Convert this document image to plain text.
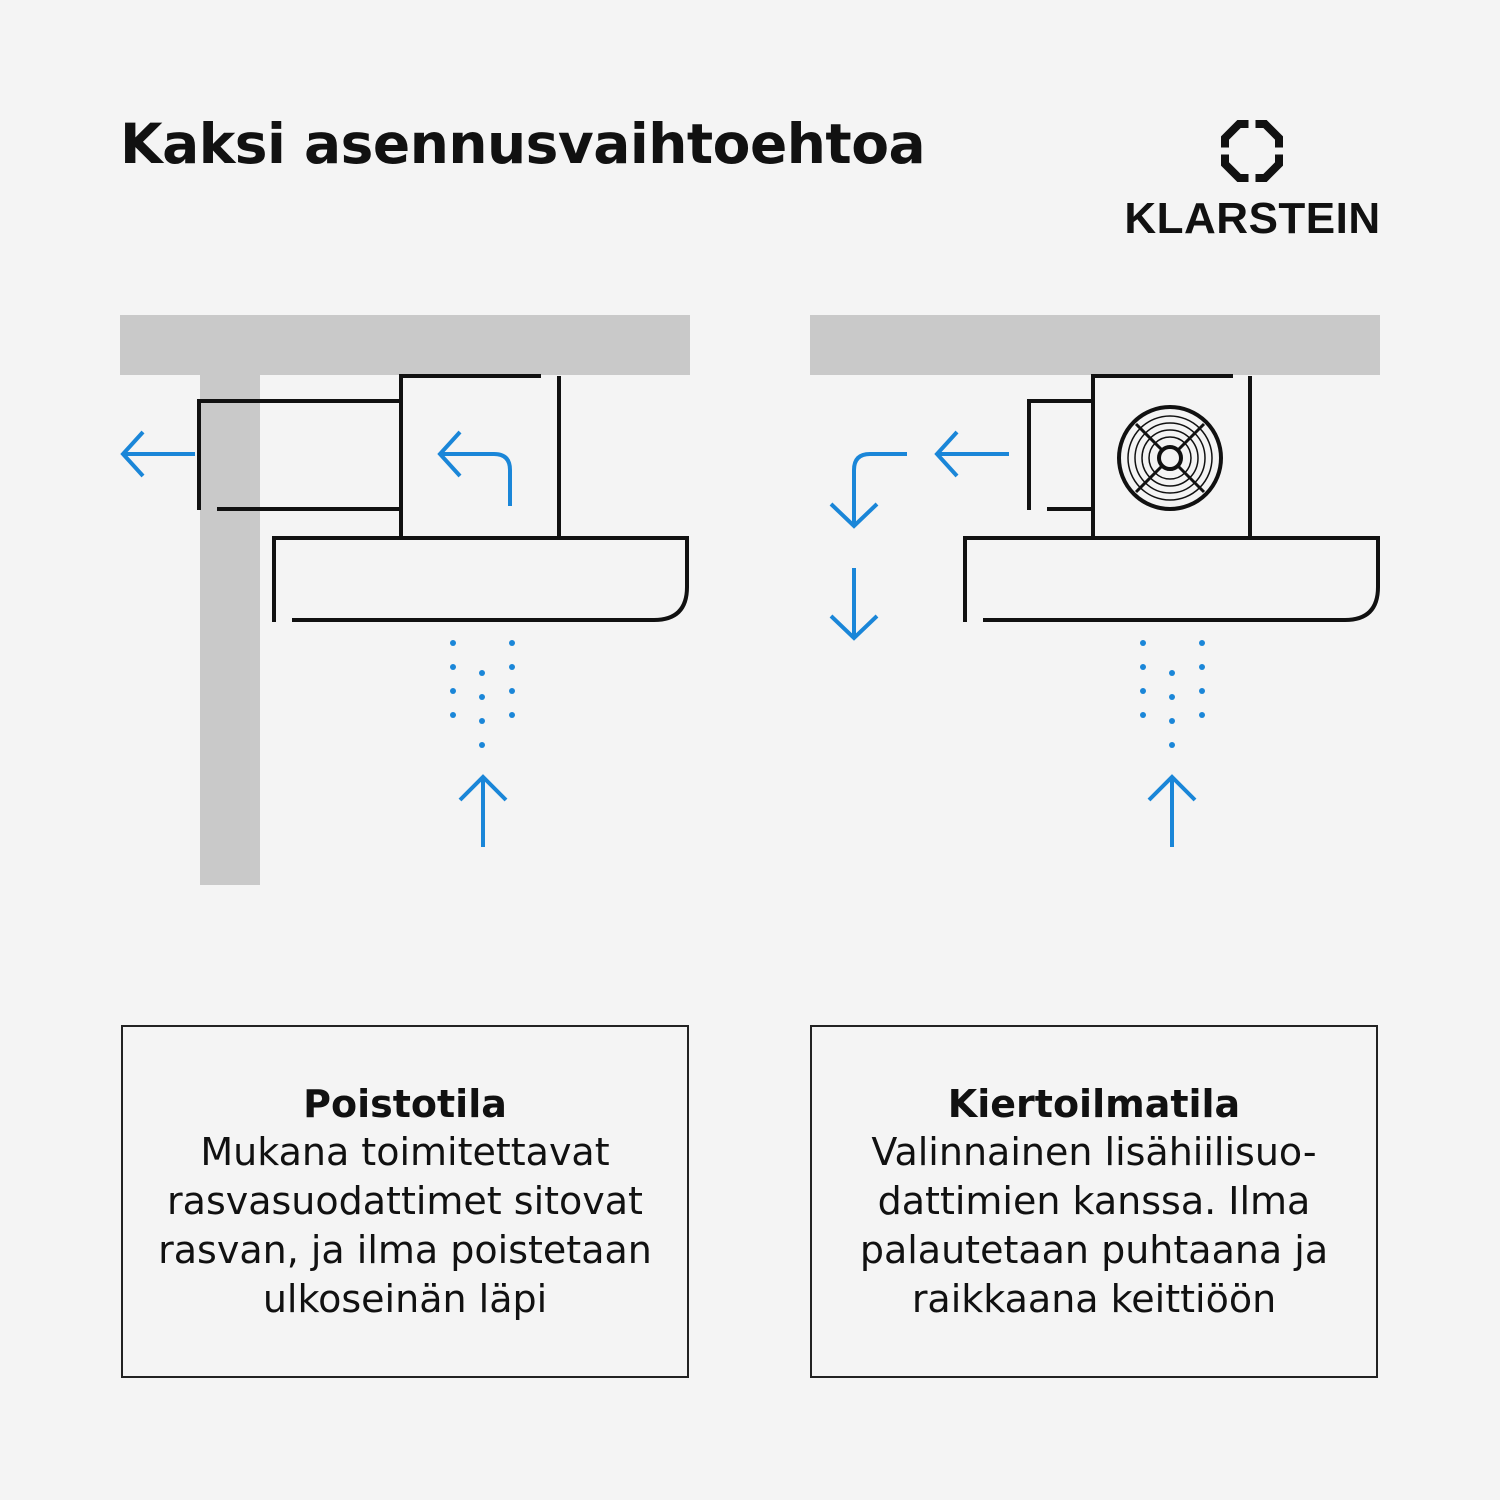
Kaksi asennusvaihtoehtoa
KLARSTEIN
Poistotila
Mukana toimitettavat rasvasuodattimet sitovat rasvan, ja ilma poistetaan ulkoseinän läpi
Kiertoilmatila
Valinnainen lisähiilisuo-dattimien kanssa. Ilma palautetaan puhtaana ja raikkaana keittiöön
